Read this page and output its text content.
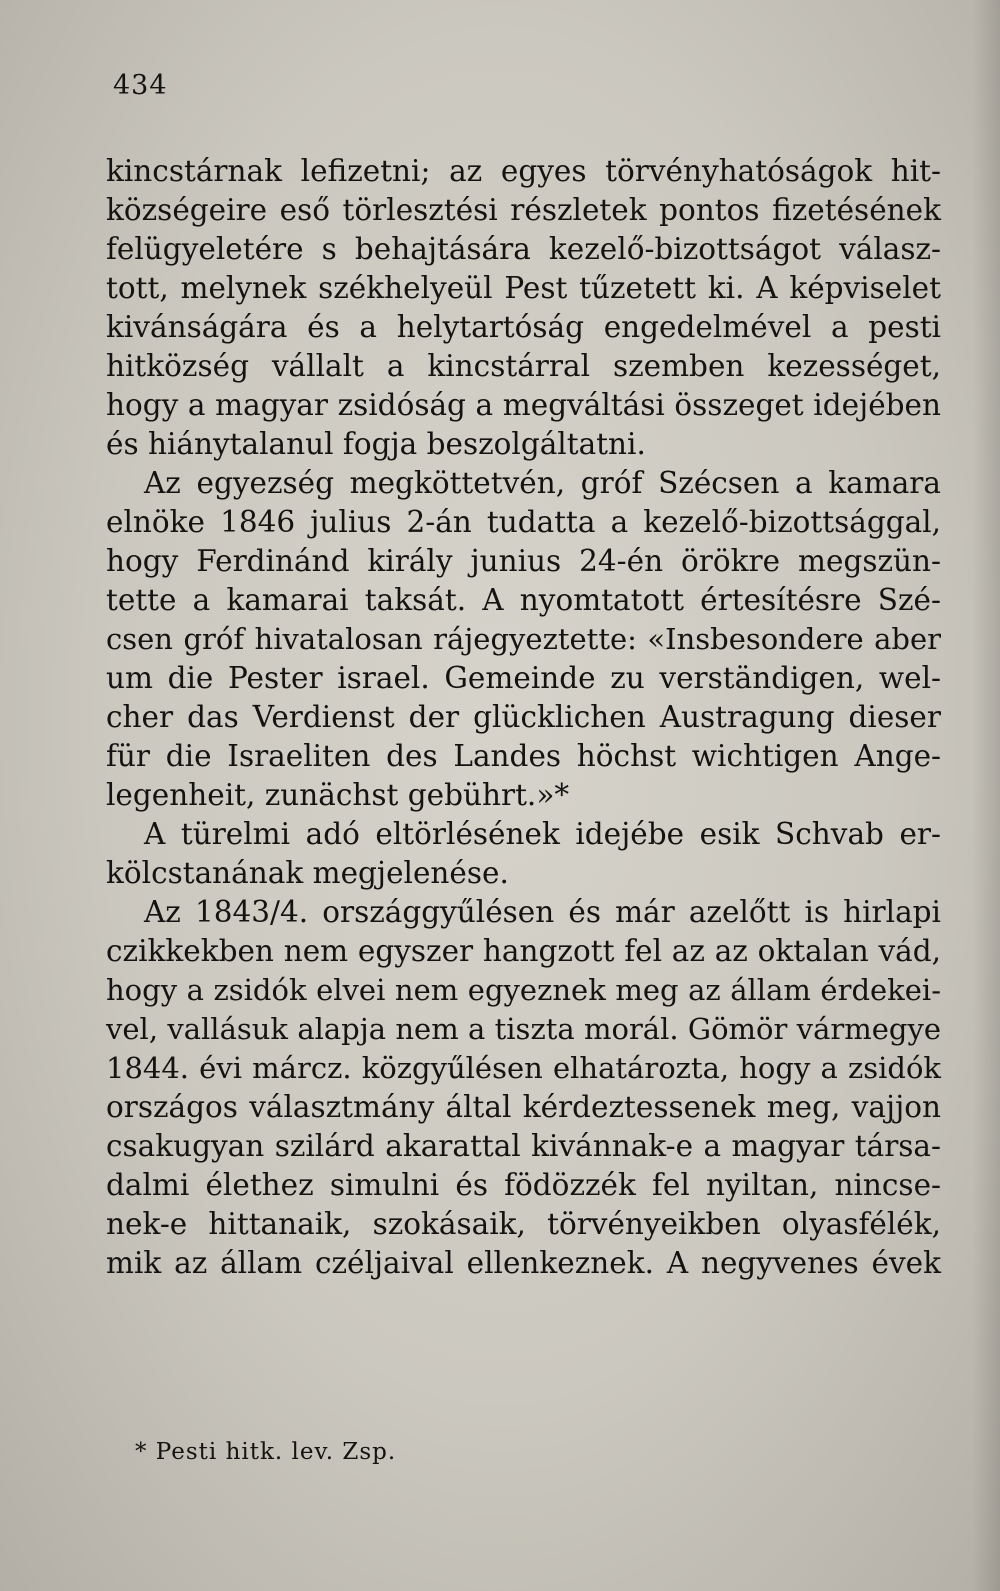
434
kincstárnak lefizetni; az egyes törvényhatóságok hit-
községeire eső törlesztési részletek pontos fizetésének
felügyeletére s behajtására kezelő-bizottságot válasz-
tott, melynek székhelyeül Pest tűzetett ki. A képviselet
kivánságára és a helytartóság engedelmével a pesti
hitközség vállalt a kincstárral szemben kezességet,
hogy a magyar zsidóság a megváltási összeget idejében
és hiánytalanul fogja beszolgáltatni.
Az egyezség megköttetvén, gróf Szécsen a kamara
elnöke 1846 julius 2-án tudatta a kezelő-bizottsággal,
hogy Ferdinánd király junius 24-én örökre megszün-
tette a kamarai taksát. A nyomtatott értesítésre Szé-
csen gróf hivatalosan rájegyeztette: «Insbesondere aber
um die Pester israel. Gemeinde zu verständigen, wel-
cher das Verdienst der glücklichen Austragung dieser
für die Israeliten des Landes höchst wichtigen Ange-
legenheit, zunächst gebührt.»*
A türelmi adó eltörlésének idejébe esik Schvab er-
kölcstanának megjelenése.
Az 1843/4. országgyűlésen és már azelőtt is hirlapi
czikkekben nem egyszer hangzott fel az az oktalan vád,
hogy a zsidók elvei nem egyeznek meg az állam érdekei-
vel, vallásuk alapja nem a tiszta morál. Gömör vármegye
1844. évi márcz. közgyűlésen elhatározta, hogy a zsidók
országos választmány által kérdeztessenek meg, vajjon
csakugyan szilárd akarattal kivánnak-e a magyar társa-
dalmi élethez simulni és födözzék fel nyiltan, nincse-
nek-e hittanaik, szokásaik, törvényeikben olyasfélék,
mik az állam czéljaival ellenkeznek. A negyvenes évek
* Pesti hitk. lev. Zsp.
